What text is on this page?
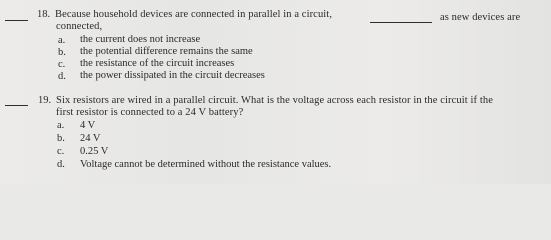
18. Because household devices are connected in parallel in a circuit,	as new devices are
connected,
a. the current does not increase
b. the potential difference remains the same
c. the resistance of the circuit increases
d. the power dissipated in the circuit decreases
19. Six resistors are wired in a parallel circuit. What is the voltage across each resistor in the circuit if the
first resistor is connected to a 24 V battery?
a. 4 V
b. 24 V
c. 0.25 V
d. Voltage cannot be determined without the resistance values.
